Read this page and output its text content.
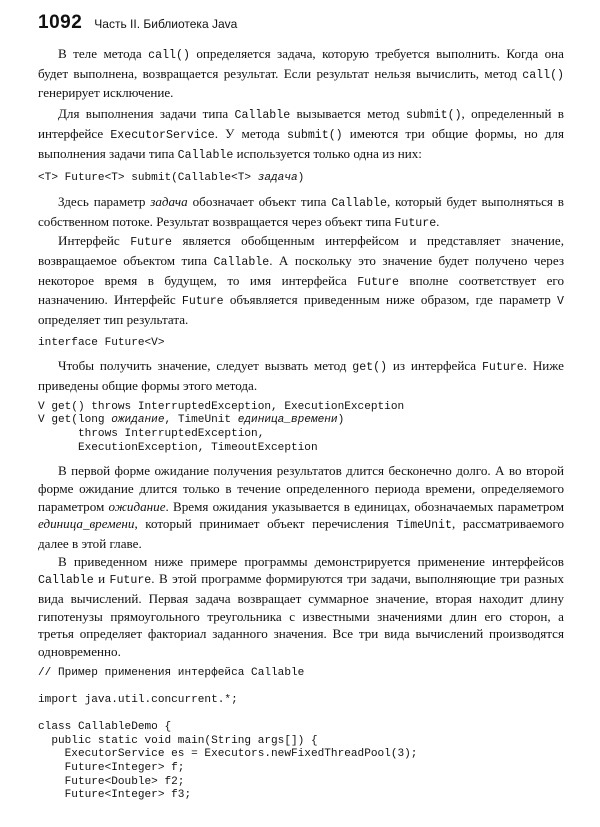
1092 Часть II. Библиотека Java

В теле метода call() определяется задача, которую требуется выполнить. Когда она будет выполнена, возвращается результат. Если результат нельзя вычислить, метод call() генерирует исключение.

Для выполнения задачи типа Callable вызывается метод submit(), определенный в интерфейсе ExecutorService. У метода submit() имеются три общие формы, но для выполнения задачи типа Callable используется только одна из них:

<T> Future<T> submit(Callable<T> задача)

Здесь параметр задача обозначает объект типа Callable, который будет выполняться в собственном потоке. Результат возвращается через объект типа Future.

Интерфейс Future является обобщенным интерфейсом и представляет значение, возвращаемое объектом типа Callable. А поскольку это значение будет получено через некоторое время в будущем, то имя интерфейса Future вполне соответствует его назначению. Интерфейс Future объявляется приведенным ниже образом, где параметр V определяет тип результата.

interface Future<V>

Чтобы получить значение, следует вызвать метод get() из интерфейса Future. Ниже приведены общие формы этого метода.

V get() throws InterruptedException, ExecutionException
V get(long ожидание, TimeUnit единица_времени)
throws InterruptedException,
ExecutionException, TimeoutException

В первой форме ожидание получения результатов длится бесконечно долго. А во второй форме ожидание длится только в течение определенного периода времени, определяемого параметром ожидание. Время ожидания указывается в единицах, обозначаемых параметром единица_времени, который принимает объект перечисления TimeUnit, рассматриваемого далее в этой главе.

В приведенном ниже примере программы демонстрируется применение интерфейсов Callable и Future. В этой программе формируются три задачи, выполняющие три разных вида вычислений. Первая задача возвращает суммарное значение, вторая находит длину гипотенузы прямоугольного треугольника с известными значениями длин его сторон, а третья определяет факториал заданного значения. Все три вида вычислений производятся одновременно.

// Пример применения интерфейса Callable

import java.util.concurrent.*;

class CallableDemo {
public static void main(String args[]) {
ExecutorService es = Executors.newFixedThreadPool(3);
Future<Integer> f;
Future<Double> f2;
Future<Integer> f3;
